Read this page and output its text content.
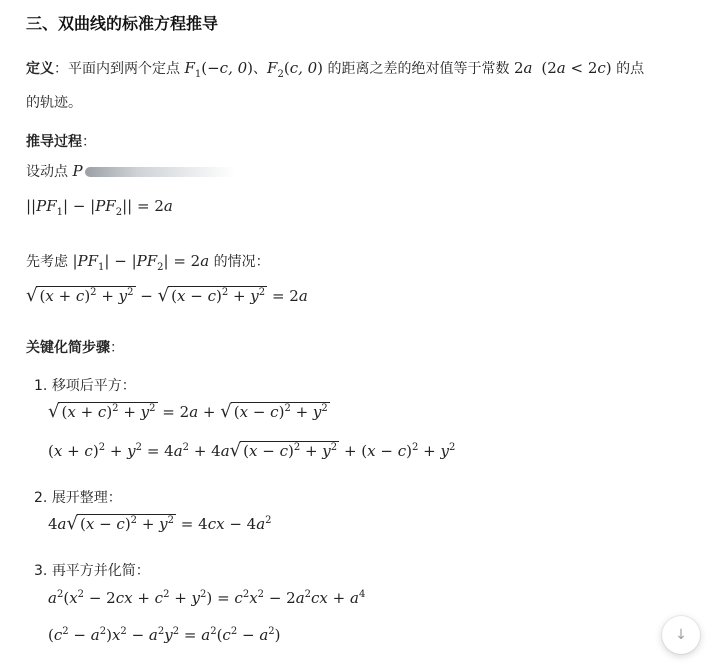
三、双曲线的标准方程推导
定义：平面内到两个定点 $F_1(-c$, 0)、$F_2(c$, 0) 的距离之差的绝对值等于常数 2a (2a < 2c) 的点
的轨迹。
推导过程：
设动点 P
$||PF_1| - |PF_2|| = 2a$
先考虑 $|PF_1| - |PF_2| = 2a$ 的情况：
√ $(x + c)^2 + y^2$ − √ $(x - c)^2 + y^2 = 2a$
关键化简步骤：
1. 移项后平方：
√ $(x + c)^2 + y^2 = 2a$ + √ $(x - c)^2 + y^2$
$(x + c)^2 + y^2 = 4a^2 + 4a√$ $(x - c)^2 + y^2 + (x - c)^2 + y^2$
2. 展开整理：
4a√ $(x - c)^2 + y^2 = 4cx - 4a^2$
3. 再平方并化简：
$a^2(x^2 - 2cx + c^2 + y^2) = c^2x^2 - 2a^2cx + a^4$
$(c^2 - a^2)x^2 - a^2y^2 = a^2(c^2 - a^2)$	↓
